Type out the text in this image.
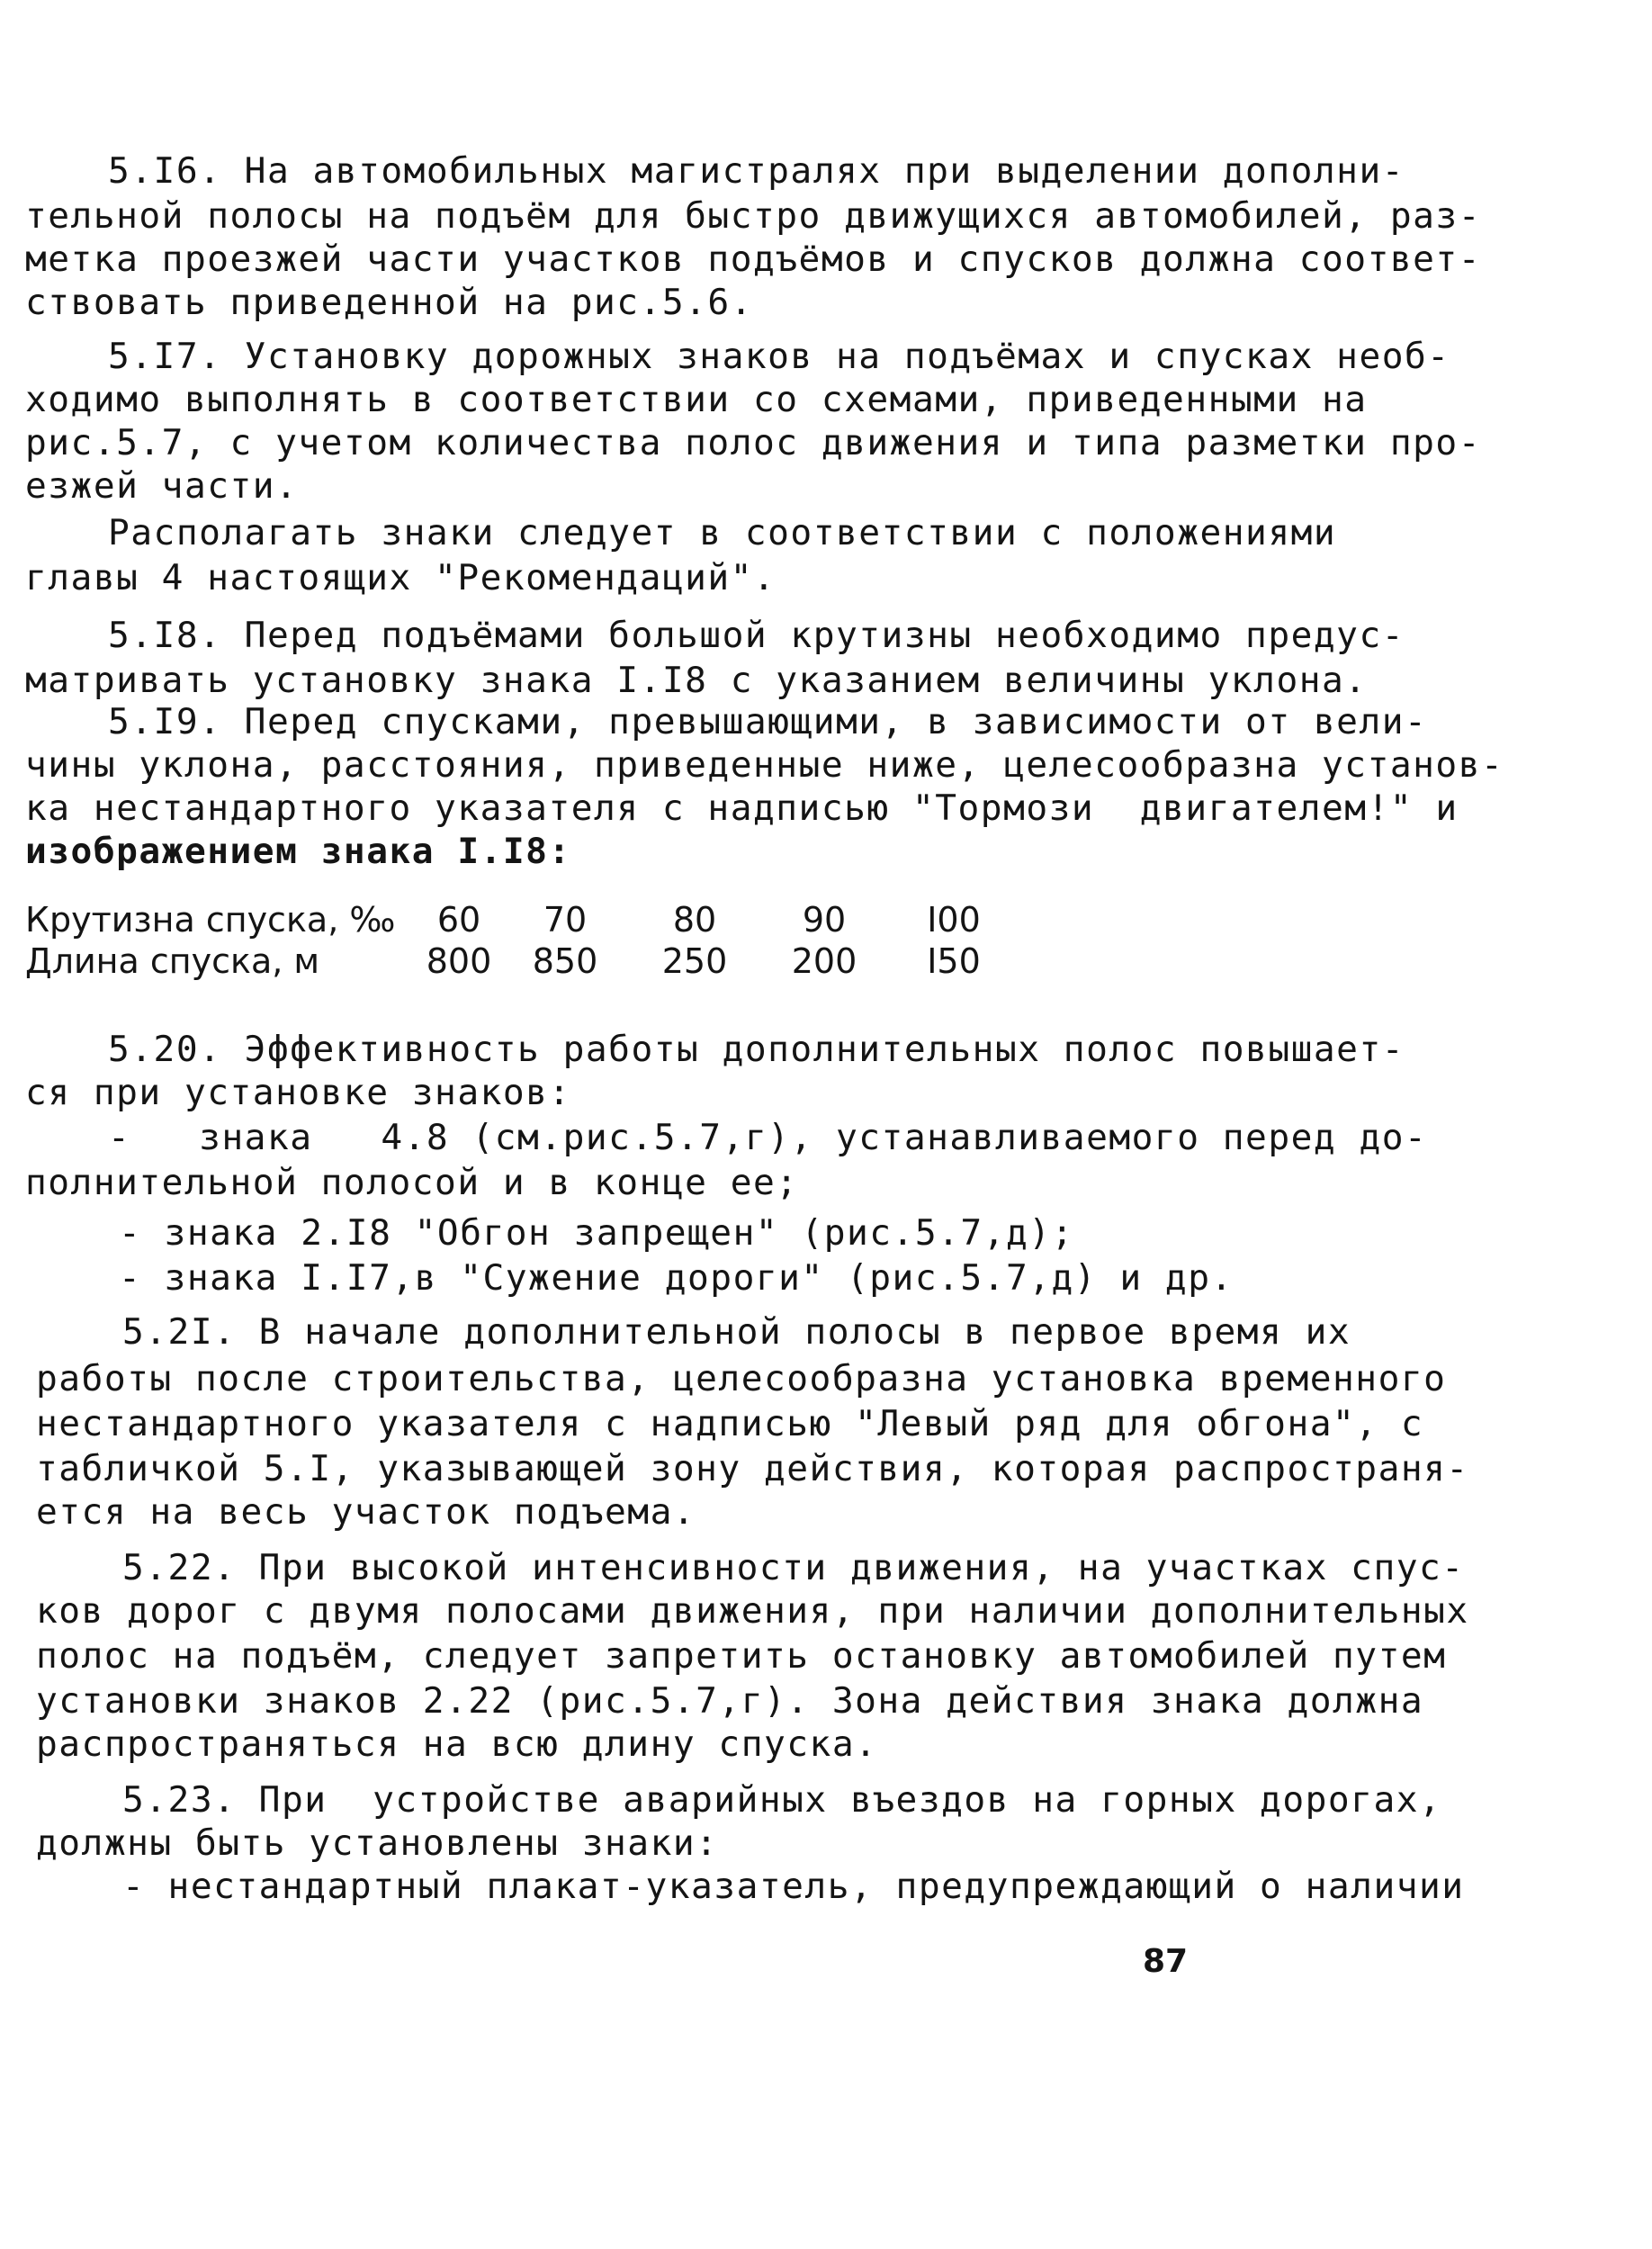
5.I6. На автомобильных магистралях при выделении дополни-
тельной полосы на подъём для быстро движущихся автомобилей, раз-
метка проезжей части участков подъёмов и спусков должна соответ-
ствовать приведенной на рис.5.6.
5.I7. Установку дорожных знаков на подъёмах и спусках необ-
ходимо выполнять в соответствии со схемами, приведенными на
рис.5.7, с учетом количества полос движения и типа разметки про-
езжей части.
Располагать знаки следует в соответствии с положениями
главы 4 настоящих "Рекомендаций".
5.I8. Перед подъёмами большой крутизны необходимо предус-
матривать установку знака I.I8 с указанием величины уклона.
5.I9. Перед спусками, превышающими, в зависимости от вели-
чины уклона, расстояния, приведенные ниже, целесообразна установ-
ка нестандартного указателя с надписью "Тормози  двигателем!" и
изображением знака I.I8:
Крутизна спуска, ‰	60	70	80	90	I00
Длина спуска, м	800	850	250	200	I50
5.20. Эффективность работы дополнительных полос повышает-
ся при установке знаков:
-   знака   4.8 (см.рис.5.7,г), устанавливаемого перед до-
полнительной полосой и в конце ее;
- знака 2.I8 "Обгон запрещен" (рис.5.7,д);
- знака I.I7,в "Сужение дороги" (рис.5.7,д) и др.
5.2I. В начале дополнительной полосы в первое время их
работы после строительства, целесообразна установка временного
нестандартного указателя с надписью "Левый ряд для обгона", с
табличкой 5.I, указывающей зону действия, которая распространя-
ется на весь участок подъема.
5.22. При высокой интенсивности движения, на участках спус-
ков дорог с двумя полосами движения, при наличии дополнительных
полос на подъём, следует запретить остановку автомобилей путем
установки знаков 2.22 (рис.5.7,г). Зона действия знака должна
распространяться на всю длину спуска.
5.23. При  устройстве аварийных въездов на горных дорогах,
должны быть установлены знаки:
- нестандартный плакат-указатель, предупреждающий о наличии
87
